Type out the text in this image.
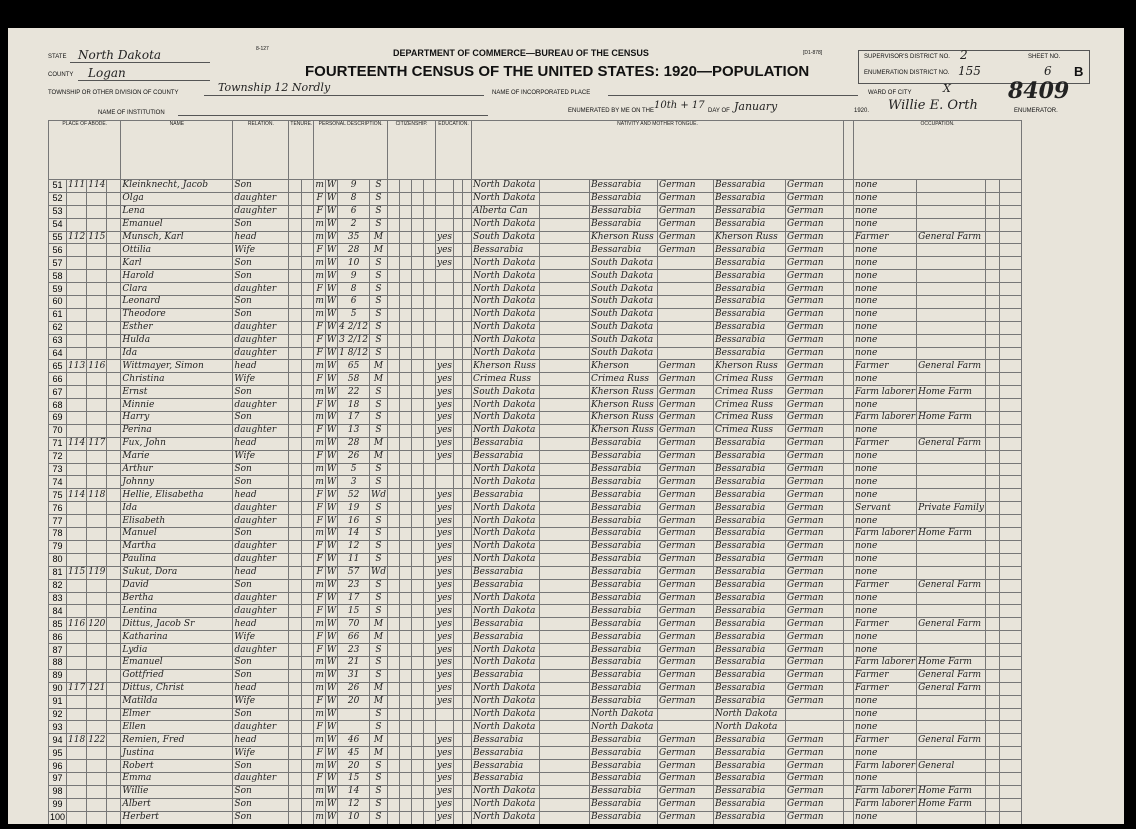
8-127	DEPARTMENT OF COMMERCE—BUREAU OF THE CENSUS	[D1-878]
FOURTEENTH CENSUS OF THE UNITED STATES: 1920—POPULATION
STATE North Dakota
COUNTY Logan
TOWNSHIP OR OTHER DIVISION OF COUNTY	Township 12 Nordly	NAME OF INCORPORATED PLACE
NAME OF INSTITUTION	ENUMERATED BY ME ON THE 10th + 17 DAY OF January	1920. Willie E. Orth	ENUMERATOR.
WARD OF CITY	X
SUPERVISOR'S DISTRICT NO. 2	SHEET NO.
ENUMERATION DISTRICT NO. 155	6 B
8409
PLACE OF ABODE.				NAME	RELATION.	TENURE.		PERSONAL DESCRIPTION.				CITIZENSHIP.				EDUCATION.			NATIVITY AND MOTHER TONGUE.							OCCUPATION.			
51	111	114		Kleinknecht, Jacob	Son			m	W	9	S								North Dakota		Bessarabia	German	Bessarabia	German		none			
52				Olga	daughter			F	W	8	S								North Dakota		Bessarabia	German	Bessarabia	German		none			
53				Lena	daughter			F	W	6	S								Alberta Can		Bessarabia	German	Bessarabia	German		none			
54				Emanuel	Son			m	W	2	S								North Dakota		Bessarabia	German	Bessarabia	German		none			
55	112	115		Munsch, Karl	head			m	W	35	M					yes			South Dakota		Kherson Russ	German	Kherson Russ	German		Farmer	General Farm		
56				Ottilia	Wife			F	W	28	M					yes			Bessarabia		Bessarabia	German	Bessarabia	German		none			
57				Karl	Son			m	W	10	S					yes			North Dakota		South Dakota		Bessarabia	German		none			
58				Harold	Son			m	W	9	S								North Dakota		South Dakota		Bessarabia	German		none			
59				Clara	daughter			F	W	8	S								North Dakota		South Dakota		Bessarabia	German		none			
60				Leonard	Son			m	W	6	S								North Dakota		South Dakota		Bessarabia	German		none			
61				Theodore	Son			m	W	5	S								North Dakota		South Dakota		Bessarabia	German		none			
62				Esther	daughter			F	W	4 2/12	S								North Dakota		South Dakota		Bessarabia	German		none			
63				Hulda	daughter			F	W	3 2/12	S								North Dakota		South Dakota		Bessarabia	German		none			
64				Ida	daughter			F	W	1 8/12	S								North Dakota		South Dakota		Bessarabia	German		none			
65	113	116		Wittmayer, Simon	head			m	W	65	M					yes			Kherson Russ		Kherson	German	Kherson Russ	German		Farmer	General Farm		
66				Christina	Wife			F	W	58	M					yes			Crimea Russ		Crimea Russ	German	Crimea Russ	German		none			
67				Ernst	Son			m	W	22	S					yes			South Dakota		Kherson Russ	German	Crimea Russ	German		Farm laborer	Home Farm		
68				Minnie	daughter			F	W	18	S					yes			North Dakota		Kherson Russ	German	Crimea Russ	German		none			
69				Harry	Son			m	W	17	S					yes			North Dakota		Kherson Russ	German	Crimea Russ	German		Farm laborer	Home Farm		
70				Perina	daughter			F	W	13	S					yes			North Dakota		Kherson Russ	German	Crimea Russ	German		none			
71	114	117		Fux, John	head			m	W	28	M					yes			Bessarabia		Bessarabia	German	Bessarabia	German		Farmer	General Farm		
72				Marie	Wife			F	W	26	M					yes			Bessarabia		Bessarabia	German	Bessarabia	German		none			
73				Arthur	Son			m	W	5	S								North Dakota		Bessarabia	German	Bessarabia	German		none			
74				Johnny	Son			m	W	3	S								North Dakota		Bessarabia	German	Bessarabia	German		none			
75	114	118		Hellie, Elisabetha	head			F	W	52	Wd					yes			Bessarabia		Bessarabia	German	Bessarabia	German		none			
76				Ida	daughter			F	W	19	S					yes			North Dakota		Bessarabia	German	Bessarabia	German		Servant	Private Family		
77				Elisabeth	daughter			F	W	16	S					yes			North Dakota		Bessarabia	German	Bessarabia	German		none			
78				Manuel	Son			m	W	14	S					yes			North Dakota		Bessarabia	German	Bessarabia	German		Farm laborer	Home Farm		
79				Martha	daughter			F	W	12	S					yes			North Dakota		Bessarabia	German	Bessarabia	German		none			
80				Paulina	daughter			F	W	11	S					yes			North Dakota		Bessarabia	German	Bessarabia	German		none			
81	115	119		Sukut, Dora	head			F	W	57	Wd					yes			Bessarabia		Bessarabia	German	Bessarabia	German		none			
82				David	Son			m	W	23	S					yes			Bessarabia		Bessarabia	German	Bessarabia	German		Farmer	General Farm		
83				Bertha	daughter			F	W	17	S					yes			North Dakota		Bessarabia	German	Bessarabia	German		none			
84				Lentina	daughter			F	W	15	S					yes			North Dakota		Bessarabia	German	Bessarabia	German		none			
85	116	120		Dittus, Jacob Sr	head			m	W	70	M					yes			Bessarabia		Bessarabia	German	Bessarabia	German		Farmer	General Farm		
86				Katharina	Wife			F	W	66	M					yes			Bessarabia		Bessarabia	German	Bessarabia	German		none			
87				Lydia	daughter			F	W	23	S					yes			North Dakota		Bessarabia	German	Bessarabia	German		none			
88				Emanuel	Son			m	W	21	S					yes			North Dakota		Bessarabia	German	Bessarabia	German		Farm laborer	Home Farm		
89				Gottfried	Son			m	W	31	S					yes			Bessarabia		Bessarabia	German	Bessarabia	German		Farmer	General Farm		
90	117	121		Dittus, Christ	head			m	W	26	M					yes			North Dakota		Bessarabia	German	Bessarabia	German		Farmer	General Farm		
91				Matilda	Wife			F	W	20	M					yes			North Dakota		Bessarabia	German	Bessarabia	German		none			
92				Elmer	Son			m	W		S								North Dakota		North Dakota		North Dakota			none			
93				Ellen	daughter			F	W		S								North Dakota		North Dakota		North Dakota			none			
94	118	122		Remien, Fred	head			m	W	46	M					yes			Bessarabia		Bessarabia	German	Bessarabia	German		Farmer	General Farm		
95				Justina	Wife			F	W	45	M					yes			Bessarabia		Bessarabia	German	Bessarabia	German		none			
96				Robert	Son			m	W	20	S					yes			Bessarabia		Bessarabia	German	Bessarabia	German		Farm laborer	General		
97				Emma	daughter			F	W	15	S					yes			Bessarabia		Bessarabia	German	Bessarabia	German		none			
98				Willie	Son			m	W	14	S					yes			North Dakota		Bessarabia	German	Bessarabia	German		Farm laborer	Home Farm		
99				Albert	Son			m	W	12	S					yes			North Dakota		Bessarabia	German	Bessarabia	German		Farm laborer	Home Farm		
100				Herbert	Son			m	W	10	S					yes			North Dakota		Bessarabia	German	Bessarabia	German		none			
